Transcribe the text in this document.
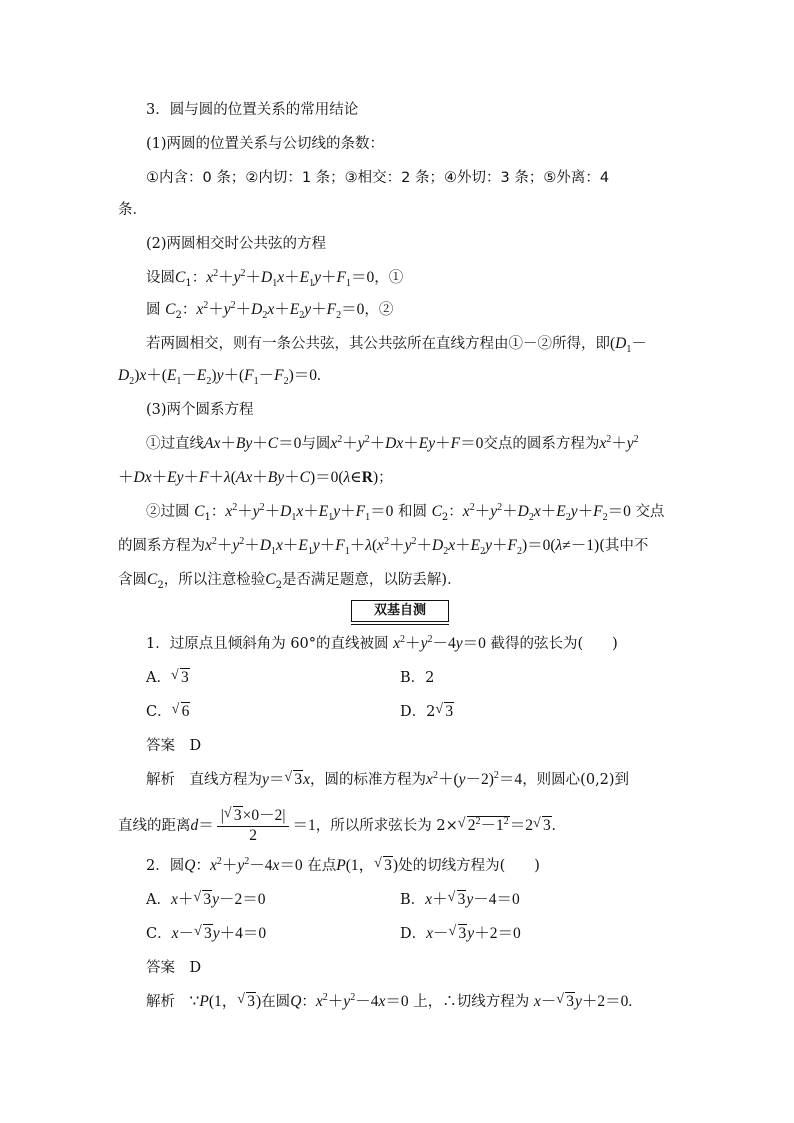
3．圆与圆的位置关系的常用结论
(1)两圆的位置关系与公切线的条数：
①内含：0 条；②内切：1 条；③相交：2 条；④外切：3 条；⑤外离：4
条．
(2)两圆相交时公共弦的方程
设圆$C_1$：$x^2+y^2+D_1x+E_1y+F_1=0$，①
圆 $C_2$：$x^2+y^2+D_2x+E_2y+F_2=0$，②
若两圆相交，则有一条公共弦，其公共弦所在直线方程由①－②所得，即($D_1-$
$D_2)x+(E_1-E_2)y+(F_1-F_2)=0$.
(3)两个圆系方程
①过直线Ax＋By＋C＝0与圆$x^2+y^2+Dx+Ey+F=0$交点的圆系方程为$x^2+y^2$
＋Dx＋Ey＋F＋λ(Ax＋By＋C)＝0(λ∈R)；
②过圆 $C_1$：$x^2+y^2+D_1x+E_1y+F_1=0$ 和圆 $C_2$：$x^2+y^2+D_2x+E_2y+F_2=0$ 交点
的圆系方程为$x^2+y^2+D_1x+E_1y+F_1+\lambda(x^2+y^2+D_2x+E_2y+F_2)=0(\lambda\ne-1)$(其中不
含圆$C_2$，所以注意检验$C_2$是否满足题意，以防丢解)．
双基自测
1．过原点且倾斜角为 60°的直线被圆 $x^2+y^2-4y=0$ 截得的弦长为(　　)
A．√ 3	B．2
C．√ 6	D．2√ 3
答案　 D
解析　 直线方程为y＝√ 3x，圆的标准方程为$x^2+(y-2)^2=4$，则圆心(0,2)到
直线的距离$d= \frac{|√ 3\times 0-2|}{2} =1$，所以所求弦长为 2×√ $2^2-1^2=2√$ 3.
2．圆Q：$x^2+y^2-4x=0$ 在点P(1，√ 3)处的切线方程为(　　)
A．x＋√ 3y－2＝0	B．x＋√ 3y－4＝0
C．x－√ 3y＋4＝0	D．x－√ 3y＋2＝0
答案　 D
解析　 ∵P(1，√ 3)在圆Q：$x^2+y^2-4x=0$ 上，∴切线方程为 x－√ 3y＋2＝0.
